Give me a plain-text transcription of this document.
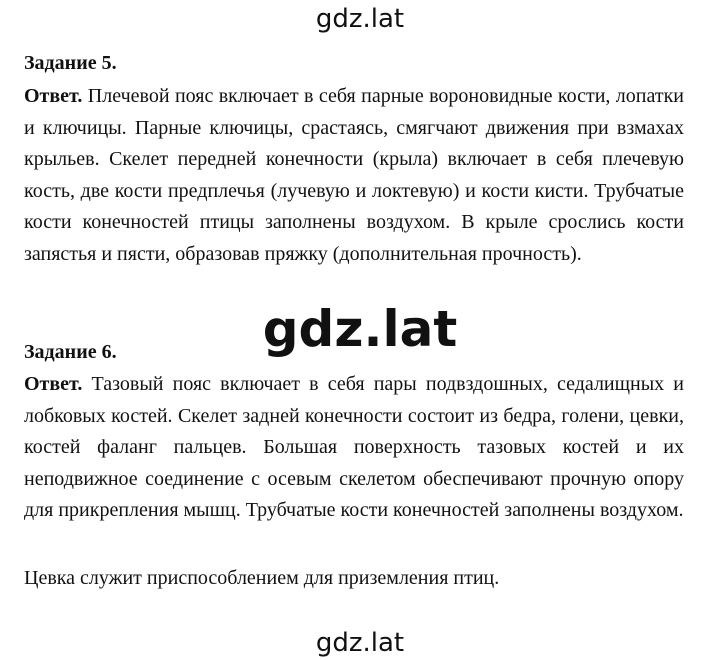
gdz.lat
Задание 5.

Ответ. Плечевой пояс включает в себя парные вороновидные кости, лопатки и ключицы. Парные ключицы, срастаясь, смягчают движения при взмахах крыльев. Скелет передней конечности (крыла) включает в себя плечевую кость, две кости предплечья (лучевую и локтевую) и кости кисти. Трубчатые кости конечностей птицы заполнены воздухом. В крыле срослись кости запястья и пясти, образовав пряжку (дополнительная прочность).

gdz.lat
Задание 6.

Ответ. Тазовый пояс включает в себя пары подвздошных, седалищных и лобковых костей. Скелет задней конечности состоит из бедра, голени, цевки, костей фаланг пальцев. Большая поверхность тазовых костей и их неподвижное соединение с осевым скелетом обеспечивают прочную опору для прикрепления мышц. Трубчатые кости конечностей заполнены воздухом.

Цевка служит приспособлением для приземления птиц.

gdz.lat
